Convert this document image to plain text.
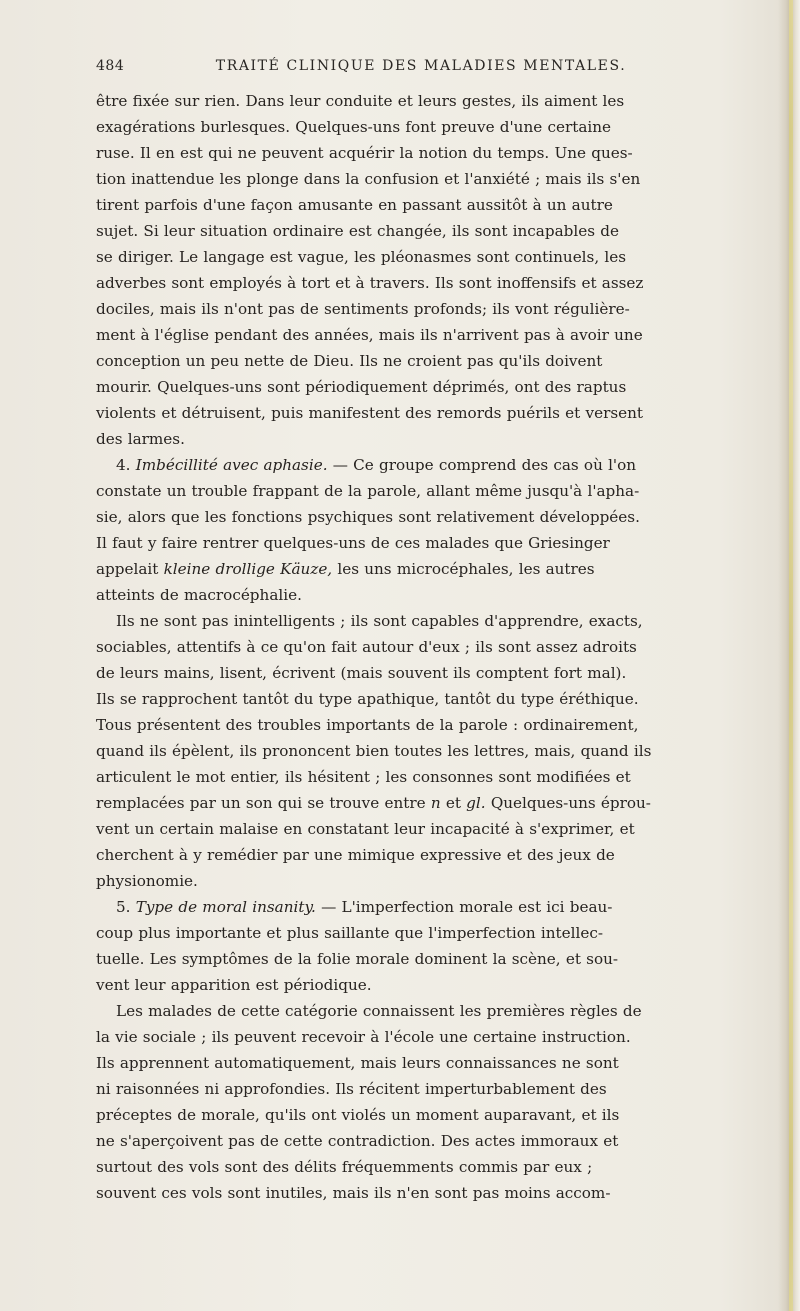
484	TRAITÉ CLINIQUE DES MALADIES MENTALES.
être fixée sur rien. Dans leur conduite et leurs gestes, ils aiment les
exagérations burlesques. Quelques-uns font preuve d'une certaine
ruse. Il en est qui ne peuvent acquérir la notion du temps. Une ques-
tion inattendue les plonge dans la confusion et l'anxiété ; mais ils s'en
tirent parfois d'une façon amusante en passant aussitôt à un autre
sujet. Si leur situation ordinaire est changée, ils sont incapables de
se diriger. Le langage est vague, les pléonasmes sont continuels, les
adverbes sont employés à tort et à travers. Ils sont inoffensifs et assez
dociles, mais ils n'ont pas de sentiments profonds; ils vont régulière-
ment à l'église pendant des années, mais ils n'arrivent pas à avoir une
conception un peu nette de Dieu. Ils ne croient pas qu'ils doivent
mourir. Quelques-uns sont périodiquement déprimés, ont des raptus
violents et détruisent, puis manifestent des remords puérils et versent
des larmes.
4. Imbécillité avec aphasie. — Ce groupe comprend des cas où l'on
constate un trouble frappant de la parole, allant même jusqu'à l'apha-
sie, alors que les fonctions psychiques sont relativement développées.
Il faut y faire rentrer quelques-uns de ces malades que Griesinger
appelait kleine drollige Käuze, les uns microcéphales, les autres
atteints de macrocéphalie.
Ils ne sont pas inintelligents ; ils sont capables d'apprendre, exacts,
sociables, attentifs à ce qu'on fait autour d'eux ; ils sont assez adroits
de leurs mains, lisent, écrivent (mais souvent ils comptent fort mal).
Ils se rapprochent tantôt du type apathique, tantôt du type éréthique.
Tous présentent des troubles importants de la parole : ordinairement,
quand ils épèlent, ils prononcent bien toutes les lettres, mais, quand ils
articulent le mot entier, ils hésitent ; les consonnes sont modifiées et
remplacées par un son qui se trouve entre n et gl. Quelques-uns éprou-
vent un certain malaise en constatant leur incapacité à s'exprimer, et
cherchent à y remédier par une mimique expressive et des jeux de
physionomie.
5. Type de moral insanity. — L'imperfection morale est ici beau-
coup plus importante et plus saillante que l'imperfection intellec-
tuelle. Les symptômes de la folie morale dominent la scène, et sou-
vent leur apparition est périodique.
Les malades de cette catégorie connaissent les premières règles de
la vie sociale ; ils peuvent recevoir à l'école une certaine instruction.
Ils apprennent automatiquement, mais leurs connaissances ne sont
ni raisonnées ni approfondies. Ils récitent imperturbablement des
préceptes de morale, qu'ils ont violés un moment auparavant, et ils
ne s'aperçoivent pas de cette contradiction. Des actes immoraux et
surtout des vols sont des délits fréquemments commis par eux ;
souvent ces vols sont inutiles, mais ils n'en sont pas moins accom-
